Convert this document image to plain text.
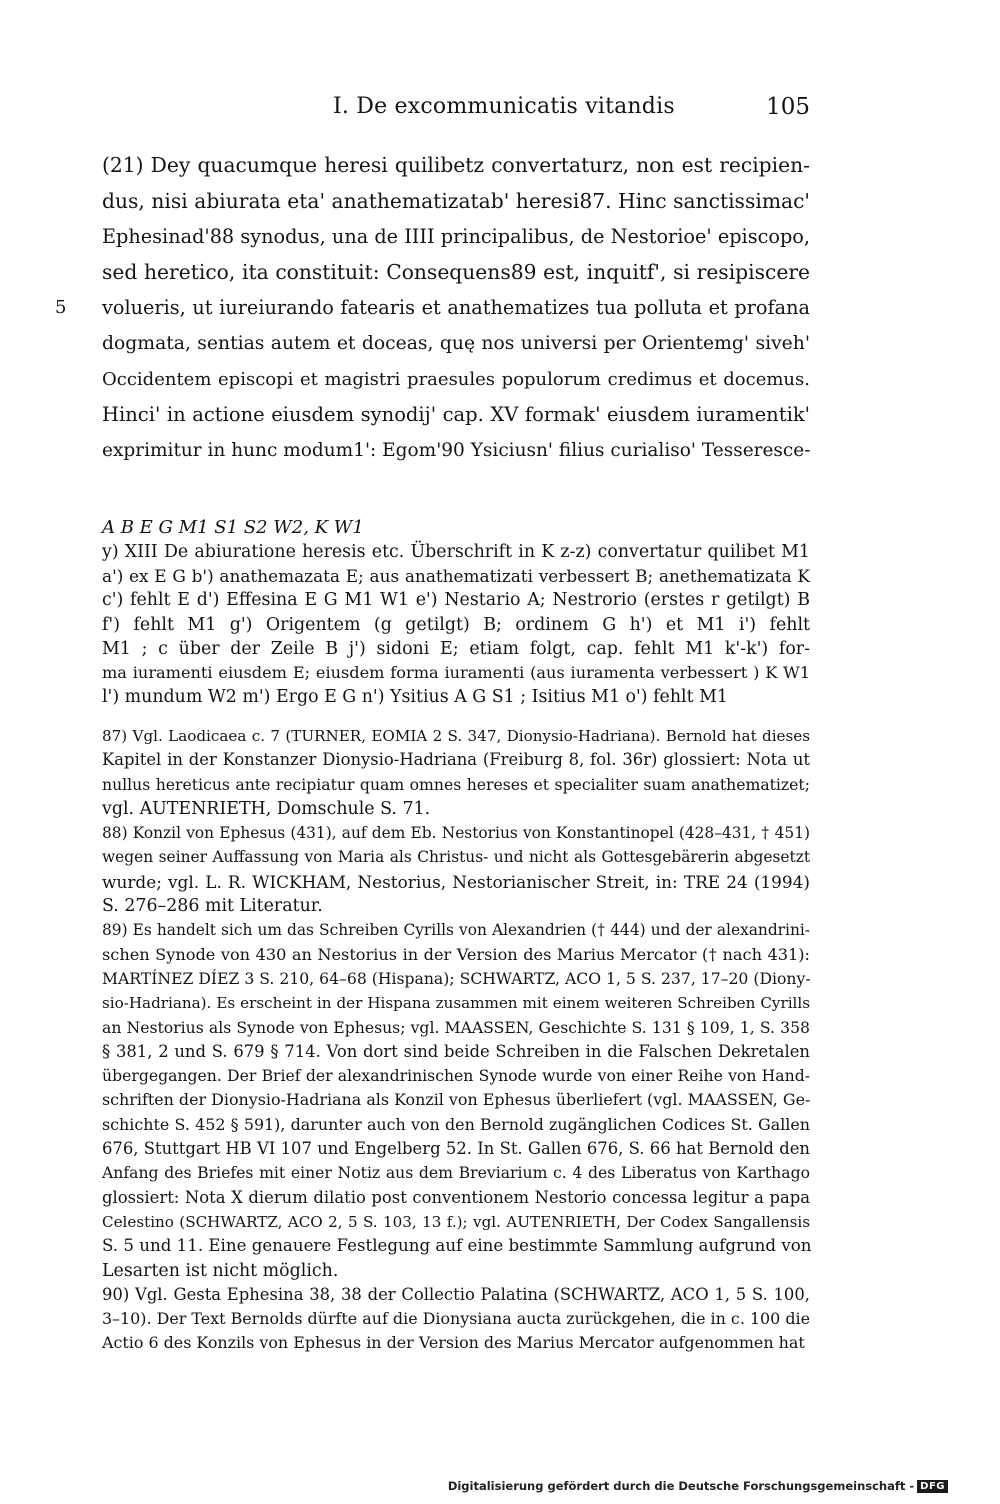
I. De excommunicatis vitandis	105
(21) Dey quacumque heresi quilibetz convertaturz, non est recipien-
dus, nisi abiurata eta' anathematizatab' heresi87. Hinc sanctissimac'
Ephesinad'88 synodus, una de IIII principalibus, de Nestorioe' episcopo,
sed heretico, ita constituit: Consequens89 est, inquitf', si resipiscere
5 volueris, ut iureiurando fatearis et anathematizes tua polluta et profana
dogmata, sentias autem et doceas, quę nos universi per Orientemg' siveh'
Occidentem episcopi et magistri praesules populorum credimus et docemus.
Hinci' in actione eiusdem synodij' cap. XV formak' eiusdem iuramentik'
exprimitur in hunc modum1': Egom'90 Ysiciusn' filius curialiso' Tesseresce-
A B E G M1 S1 S2 W2, K W1
y) XIII De abiuratione heresis etc. Überschrift in K z-z) convertatur quilibet M1
a') ex E G b') anathemazata E; aus anathematizati verbessert B; anethematizata K
c') fehlt E d') Effesina E G M1 W1 e') Nestario A; Nestrorio (erstes r getilgt) B
f') fehlt M1 g') Origentem (g getilgt) B; ordinem G h') et M1 i') fehlt
M1 ; c über der Zeile B j') sidoni E; etiam folgt, cap. fehlt M1 k'-k') for-
ma iuramenti eiusdem E; eiusdem forma iuramenti (aus iuramenta verbessert ) K W1
l') mundum W2 m') Ergo E G n') Ysitius A G S1 ; Isitius M1 o') fehlt M1
87) Vgl. Laodicaea c. 7 (TURNER, EOMIA 2 S. 347, Dionysio-Hadriana). Bernold hat dieses
Kapitel in der Konstanzer Dionysio-Hadriana (Freiburg 8, fol. 36r) glossiert: Nota ut
nullus hereticus ante recipiatur quam omnes hereses et specialiter suam anathematizet;
vgl. AUTENRIETH, Domschule S. 71.
88) Konzil von Ephesus (431), auf dem Eb. Nestorius von Konstantinopel (428–431, † 451)
wegen seiner Auffassung von Maria als Christus- und nicht als Gottesgebärerin abgesetzt
wurde; vgl. L. R. WICKHAM, Nestorius, Nestorianischer Streit, in: TRE 24 (1994)
S. 276–286 mit Literatur.
89) Es handelt sich um das Schreiben Cyrills von Alexandrien († 444) und der alexandrini-
schen Synode von 430 an Nestorius in der Version des Marius Mercator († nach 431):
MARTÍNEZ DÍEZ 3 S. 210, 64–68 (Hispana); SCHWARTZ, ACO 1, 5 S. 237, 17–20 (Diony-
sio-Hadriana). Es erscheint in der Hispana zusammen mit einem weiteren Schreiben Cyrills
an Nestorius als Synode von Ephesus; vgl. MAASSEN, Geschichte S. 131 § 109, 1, S. 358
§ 381, 2 und S. 679 § 714. Von dort sind beide Schreiben in die Falschen Dekretalen
übergegangen. Der Brief der alexandrinischen Synode wurde von einer Reihe von Hand-
schriften der Dionysio-Hadriana als Konzil von Ephesus überliefert (vgl. MAASSEN, Ge-
schichte S. 452 § 591), darunter auch von den Bernold zugänglichen Codices St. Gallen
676, Stuttgart HB VI 107 und Engelberg 52. In St. Gallen 676, S. 66 hat Bernold den
Anfang des Briefes mit einer Notiz aus dem Breviarium c. 4 des Liberatus von Karthago
glossiert: Nota X dierum dilatio post conventionem Nestorio concessa legitur a papa
Celestino (SCHWARTZ, ACO 2, 5 S. 103, 13 f.); vgl. AUTENRIETH, Der Codex Sangallensis
S. 5 und 11. Eine genauere Festlegung auf eine bestimmte Sammlung aufgrund von
Lesarten ist nicht möglich.
90) Vgl. Gesta Ephesina 38, 38 der Collectio Palatina (SCHWARTZ, ACO 1, 5 S. 100,
3–10). Der Text Bernolds dürfte auf die Dionysiana aucta zurückgehen, die in c. 100 die
Actio 6 des Konzils von Ephesus in der Version des Marius Mercator aufgenommen hat
Digitalisierung gefördert durch die Deutsche Forschungsgemeinschaft - DFG
